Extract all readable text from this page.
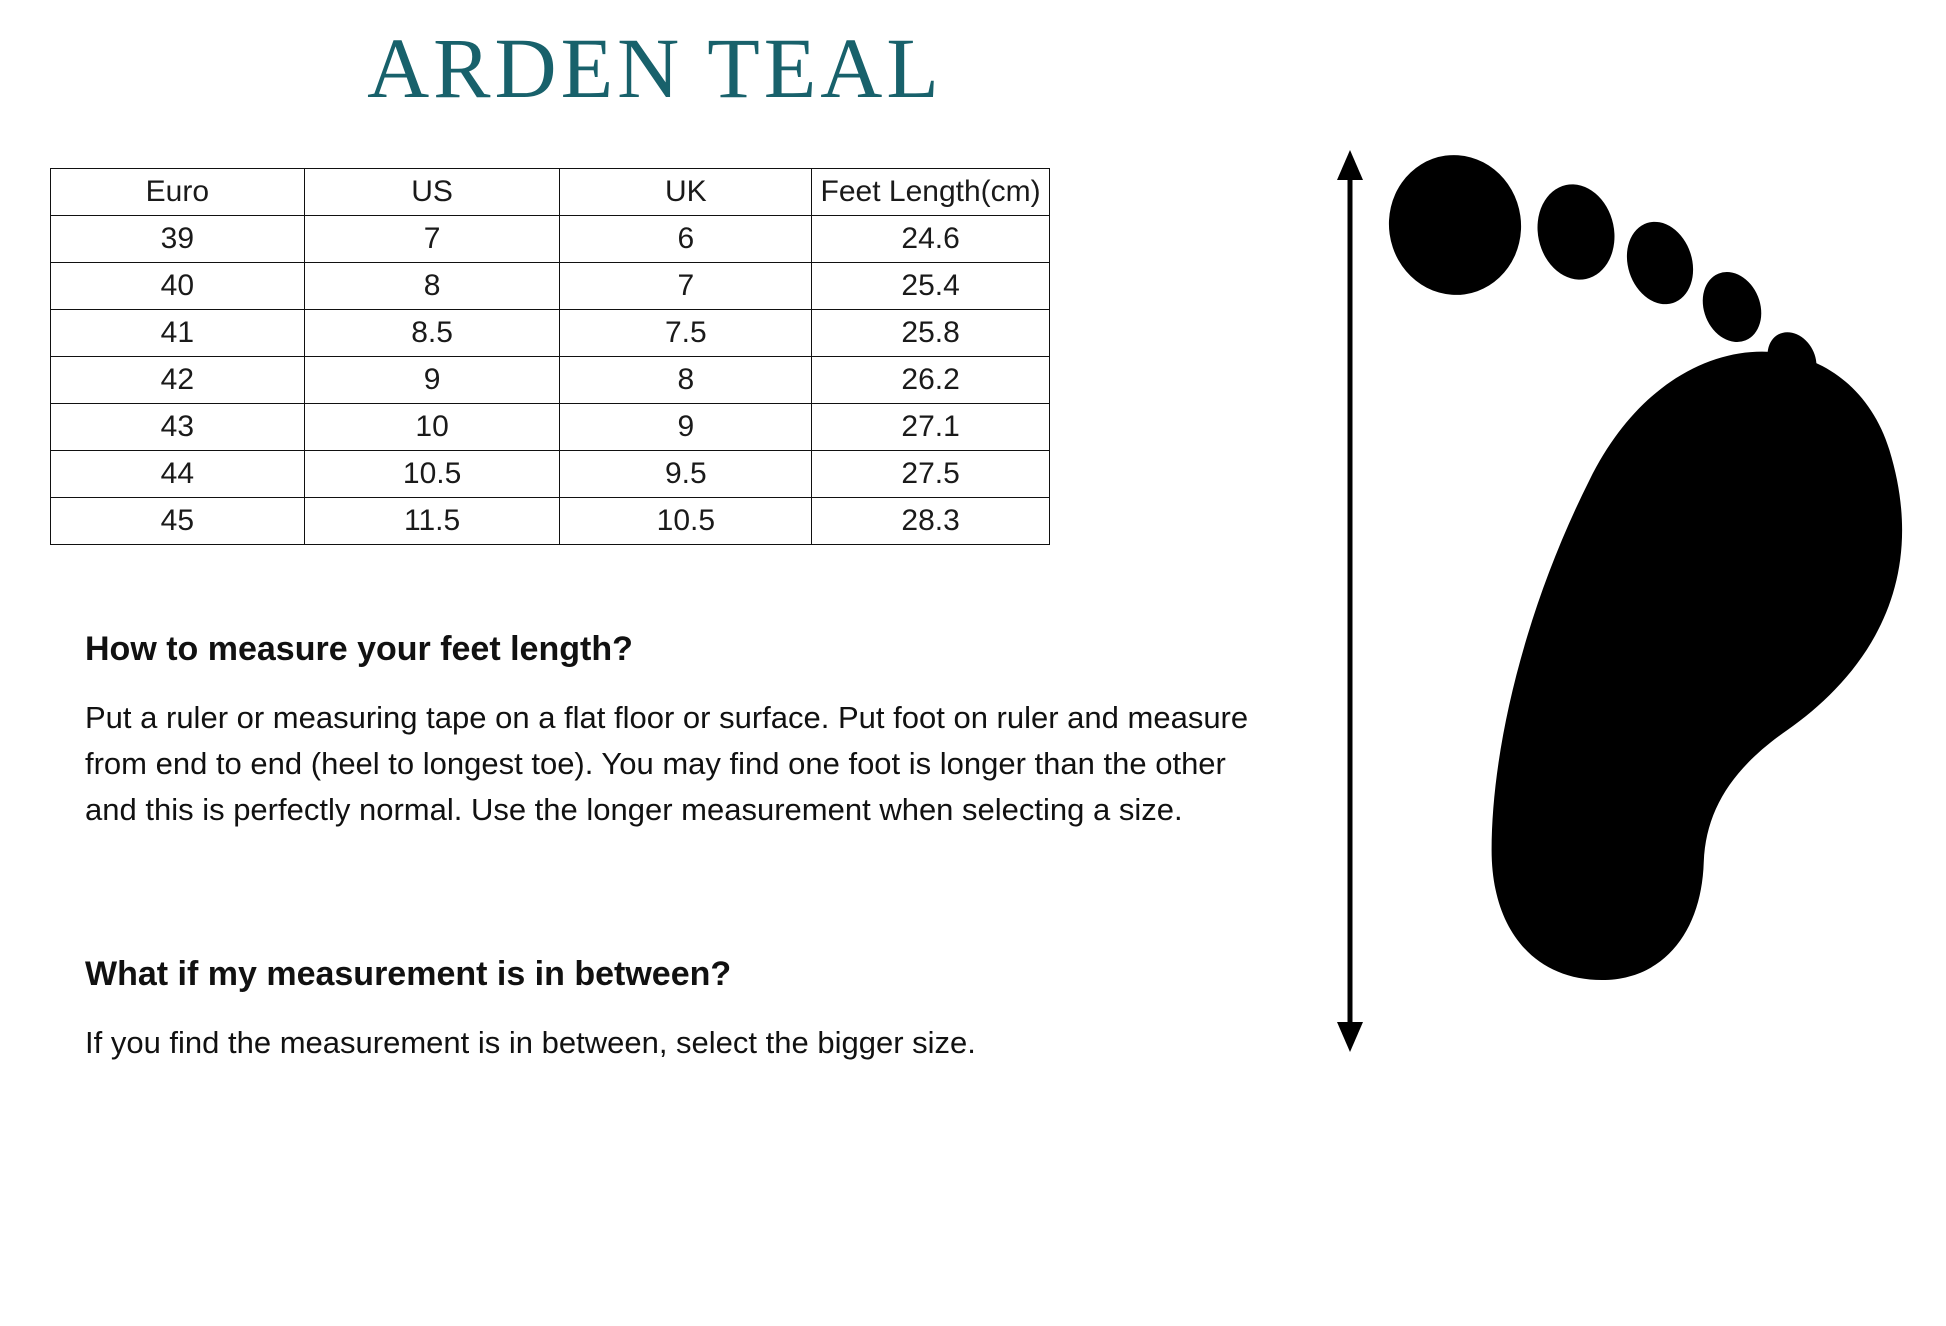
ARDEN TEAL
Euro	US	UK	Feet Length(cm)
39	7	6	24.6
40	8	7	25.4
41	8.5	7.5	25.8
42	9	8	26.2
43	10	9	27.1
44	10.5	9.5	27.5
45	11.5	10.5	28.3
How to measure your feet length?

Put a ruler or measuring tape on a flat floor or surface. Put foot on ruler and measure from end to end (heel to longest toe). You may find one foot is longer than the other and this is perfectly normal. Use the longer measurement when selecting a size.

What if my measurement is in between?

If you find the measurement is in between, select the bigger size.
